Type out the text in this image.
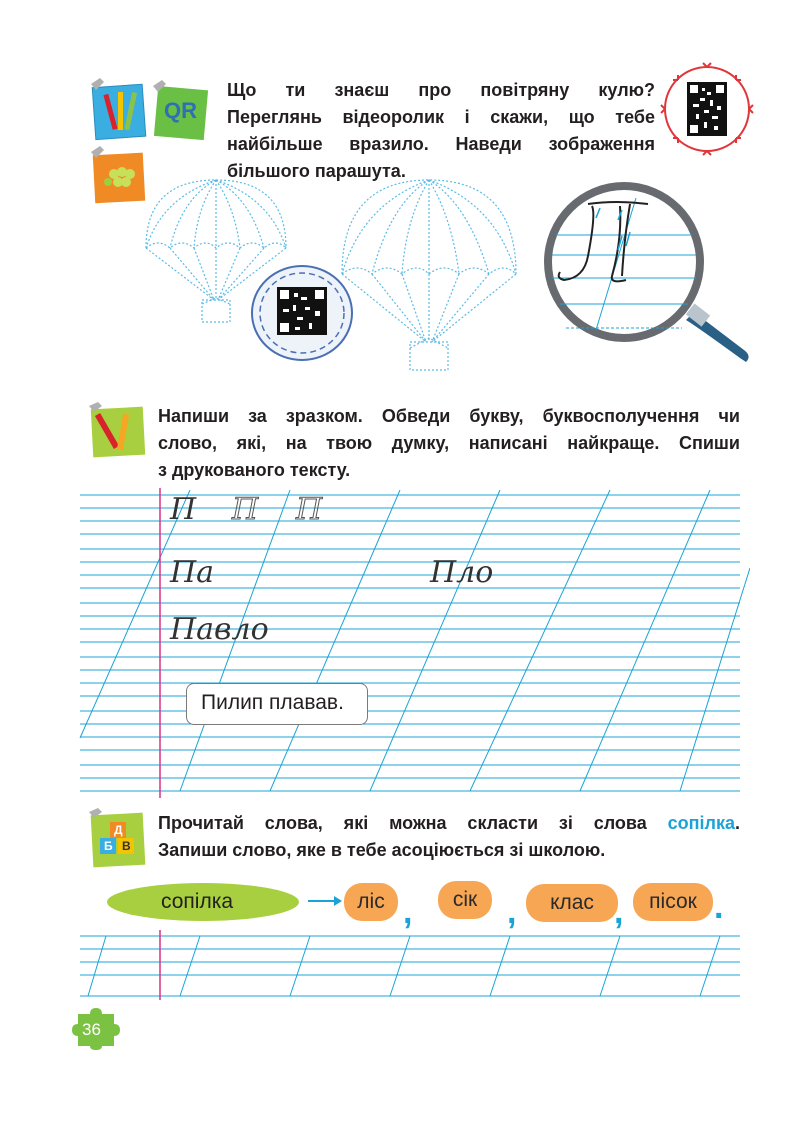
QR
Що ти знаєш про повітряну кулю?
Переглянь відеоролик і скажи, що тебе
найбільше вразило. Наведи зображення
більшого парашута.
Напиши за зразком. Обведи букву, буквосполучення чи
слово, які, на твою думку, написані найкраще. Спиши
з друкованого тексту.
П П П
Па	Пло
Павло
Пилип плавав.
Д
Б В
Прочитай слова, які можна скласти зі слова сопілка.
Запиши слово, яке в тебе асоціюється зі школою.
сопілка	ліс ,	сік ,	клас ,	пісок .
36
